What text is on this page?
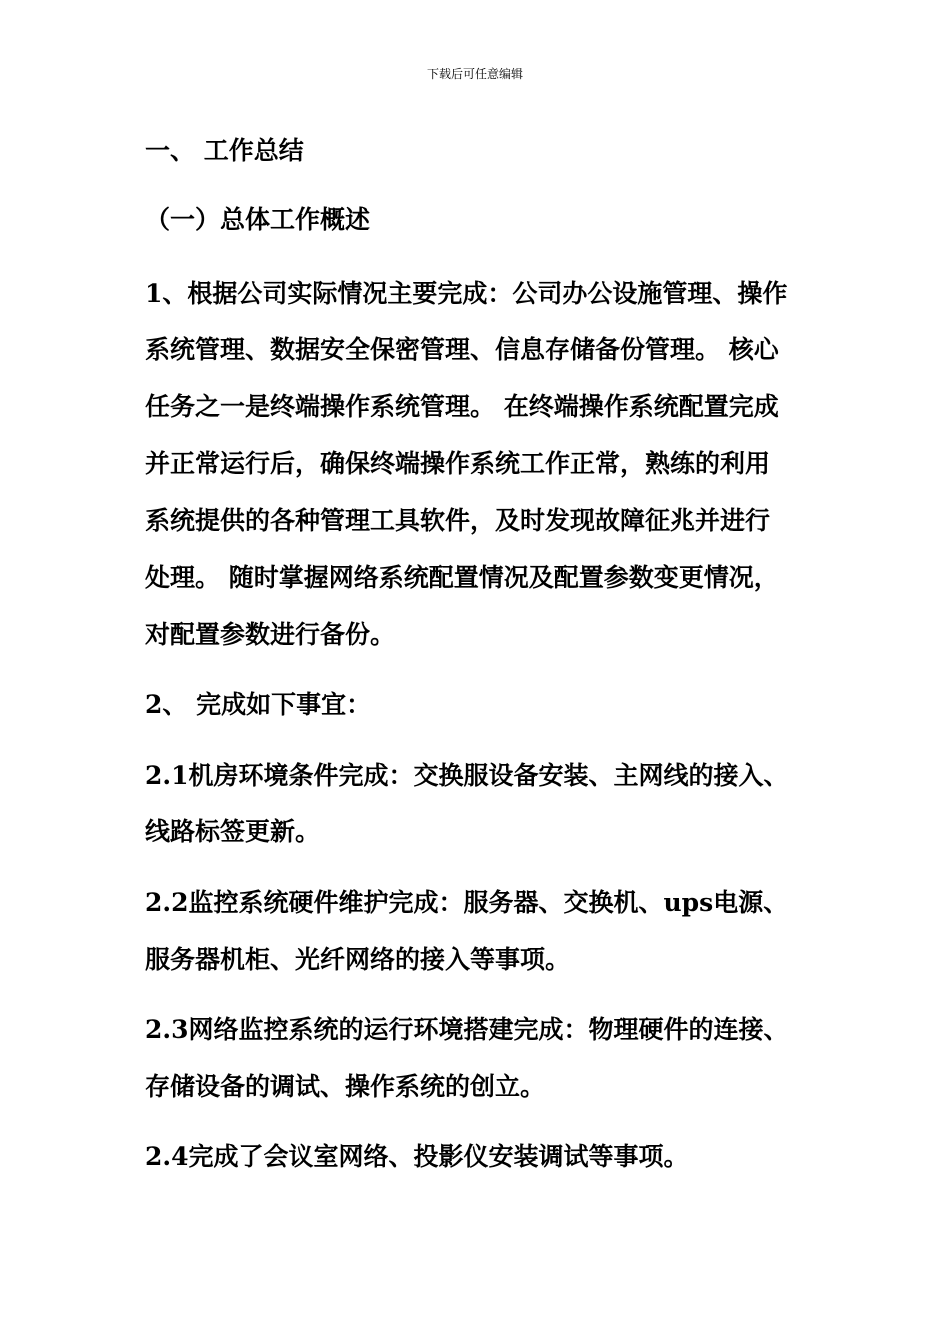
下载后可任意编辑
一、 工作总结
（一）总体工作概述
1、根据公司实际情况主要完成：公司办公设施管理、操作
系统管理、数据安全保密管理、信息存储备份管理。 核心
任务之一是终端操作系统管理。 在终端操作系统配置完成
并正常运行后，确保终端操作系统工作正常，熟练的利用
系统提供的各种管理工具软件，及时发现故障征兆并进行
处理。 随时掌握网络系统配置情况及配置参数变更情况，
对配置参数进行备份。
2、 完成如下事宜：
2.1机房环境条件完成：交换服设备安装、主网线的接入、
线路标签更新。
2.2监控系统硬件维护完成：服务器、交换机、ups电源、
服务器机柜、光纤网络的接入等事项。
2.3网络监控系统的运行环境搭建完成：物理硬件的连接、
存储设备的调试、操作系统的创立。
2.4完成了会议室网络、投影仪安装调试等事项。
